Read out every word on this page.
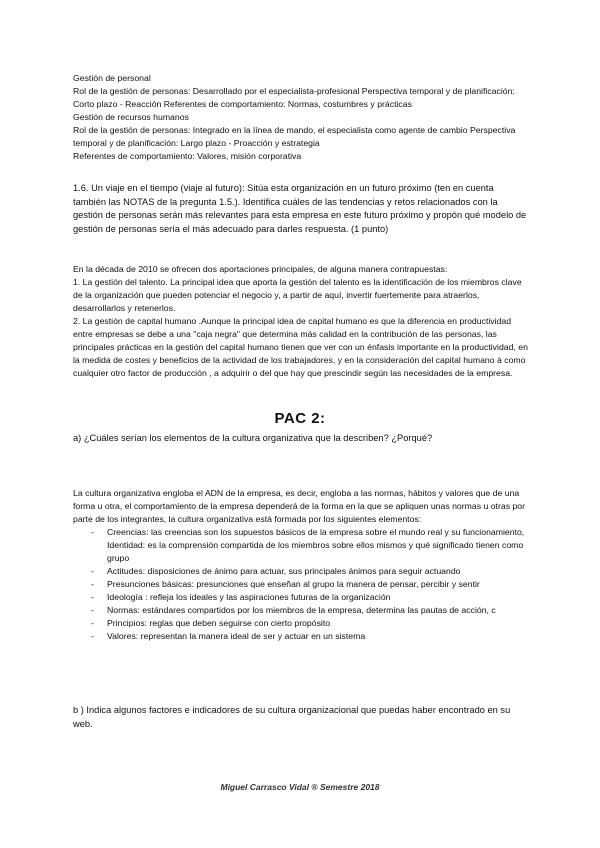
Gestión de personal

Rol de la gestión de personas: Desarrollado por el especialista-profesional Perspectiva temporal y de planificación: Corto plazo - Reacción Referentes de comportamiento: Normas, costumbres y prácticas

Gestión de recursos humanos

Rol de la gestión de personas: Integrado en la línea de mando, el especialista como agente de cambio Perspectiva temporal y de planificación: Largo plazo - Proacción y estrategia

Referentes de comportamiento: Valores, misión corporativa

1.6. Un viaje en el tiempo (viaje al futuro): Sitúa esta organización en un futuro próximo (ten en cuenta también las NOTAS de la pregunta 1.5.). Identifica cuáles de las tendencias y retos relacionados con la gestión de personas serán más relevantes para esta empresa en este futuro próximo y propón qué modelo de gestión de personas sería el más adecuado para darles respuesta. (1 punto)

En la década de 2010 se ofrecen dos aportaciones principales, de alguna manera contrapuestas:

1. La gestión del talento. La principal idea que aporta la gestión del talento es la identificación de los miembros clave de la organización que pueden potenciar el negocio y, a partir de aquí, invertir fuertemente para atraerlos, desarrollarlos y retenerlos.

2. La gestión de capital humano .Aunque la principal idea de capital humano es que la diferencia en productividad entre empresas se debe a una "caja negra" que determina más calidad en la contribución de las personas, las principales prácticas en la gestión del capital humano tienen que ver con un énfasis importante en la productividad, en la medida de costes y beneficios de la actividad de los trabajadores, y en la consideración del capital humano à como cualquier otro factor de producción , a adquirir o del que hay que prescindir según las necesidades de la empresa.

PAC 2:

a) ¿Cuáles serían los elementos de la cultura organizativa que la describen? ¿Porqué?

La cultura organizativa engloba el ADN de la empresa, es decir, engloba a las normas, hábitos y valores que de una forma u otra, el comportamiento de la empresa dependerá de la forma en la que se apliquen unas normas u otras por parte de los integrantes, la cultura organizativa está formada por los siguientes elementos:

- Creencias: las creencias son los supuestos básicos de la empresa sobre el mundo real y su funcionamiento, Identidad: es la comprensión compartida de los miembros sobre ellos mismos y qué significado tienen como grupo
- Actitudes: disposiciones de ánimo para actuar, sus principales ánimos para seguir actuando
- Presunciones básicas: presunciones que enseñan al grupo la manera de pensar, percibir y sentir
- Ideología : refleja los ideales y las aspiraciones futuras de la organización
- Normas: estándares compartidos por los miembros de la empresa, determina las pautas de acción, c
- Principios: reglas que deben seguirse con cierto propósito
- Valores: representan la manera ideal de ser y actuar en un sistema

b ) Indica algunos factores e indicadores de su cultura organizacional que puedas haber encontrado en su web.

Miguel Carrasco Vidal ® Semestre 2018
